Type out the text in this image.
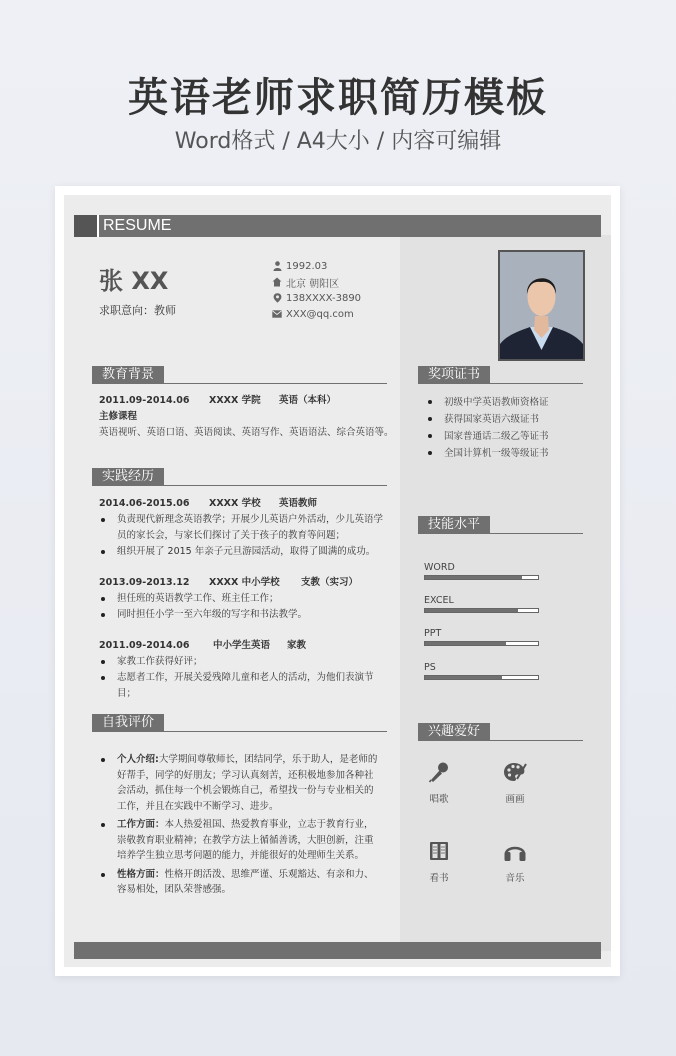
英语老师求职简历模板
Word格式 / A4大小 / 内容可编辑
RESUME
张 XX
求职意向：教师
1992.03
北京 朝阳区
138XXXX-3890
XXX@qq.com
教育背景
2011.09-2014.06	XXXX 学院	英语（本科）
主修课程
英语视听、英语口语、英语阅读、英语写作、英语语法、综合英语等。
实践经历
2014.06-2015.06	XXXX 学校	英语教师
负责现代新理念英语教学；开展少儿英语户外活动，少儿英语学员的家长会，与家长们探讨了关于孩子的教育等问题；
组织开展了 2015 年亲子元旦游园活动，取得了圆满的成功。
2013.09-2013.12	XXXX 中小学校	支教（实习）
担任班的英语教学工作、班主任工作；
同时担任小学一至六年级的写字和书法教学。
2011.09-2014.06	中小学生英语	家教
家教工作获得好评；
志愿者工作，开展关爱残障儿童和老人的活动，为他们表演节目；
自我评价
个人介绍:大学期间尊敬师长，团结同学，乐于助人，是老师的好帮手，同学的好朋友；学习认真刻苦，还积极地参加各种社会活动，抓住每一个机会锻炼自己，希望找一份与专业相关的工作，并且在实践中不断学习、进步。
工作方面：本人热爱祖国、热爱教育事业，立志于教育行业，崇敬教育职业精神；在教学方法上循循善诱，大胆创新，注重培养学生独立思考问题的能力，并能很好的处理师生关系。
性格方面：性格开朗活泼、思维严谨、乐观豁达、有亲和力、容易相处，团队荣誉感强。
奖项证书
初级中学英语教师资格证
获得国家英语六级证书
国家普通话二级乙等证书
全国计算机一级等级证书
技能水平
WORD
EXCEL
PPT
PS
兴趣爱好
唱歌	画画
看书	音乐
